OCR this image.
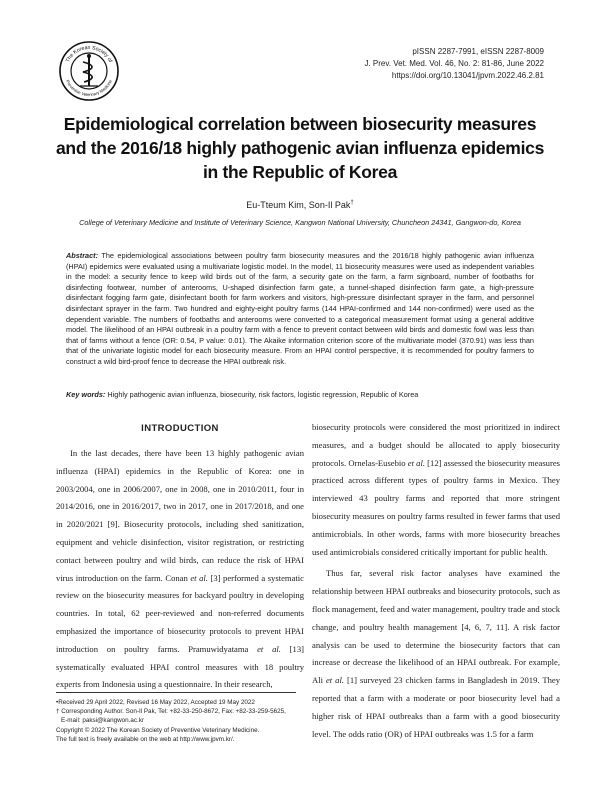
The Korean Society of
Preventive Veterinary Medicine
pISSN 2287-7991, eISSN 2287-8009
J. Prev. Vet. Med. Vol. 46, No. 2: 81-86, June 2022
https://doi.org/10.13041/jpvm.2022.46.2.81
Epidemiological correlation between biosecurity measures
and the 2016/18 highly pathogenic avian influenza epidemics
in the Republic of Korea
Eu-Tteum Kim, Son-Il Pak†
College of Veterinary Medicine and Institute of Veterinary Science, Kangwon National University, Chuncheon 24341, Gangwon-do, Korea

Abstract: The epidemiological associations between poultry farm biosecurity measures and the 2016/18 highly pathogenic avian influenza (HPAI) epidemics were evaluated using a multivariate logistic model. In the model, 11 biosecurity measures were used as independent variables in the model: a security fence to keep wild birds out of the farm, a security gate on the farm, a farm signboard, number of footbaths for disinfecting footwear, number of anterooms, U-shaped disinfection farm gate, a tunnel-shaped disinfection farm gate, a high-pressure disinfectant fogging farm gate, disinfectant booth for farm workers and visitors, high-pressure disinfectant sprayer in the farm, and personnel disinfectant sprayer in the farm. Two hundred and eighty-eight poultry farms (144 HPAI-confirmed and 144 non-confirmed) were used as the dependent variable. The numbers of footbaths and anterooms were converted to a categorical measurement format using a general additive model. The likelihood of an HPAI outbreak in a poultry farm with a fence to prevent contact between wild birds and domestic fowl was less than that of farms without a fence (OR: 0.54, P value: 0.01). The Akaike information criterion score of the multivariate model (370.91) was less than that of the univariate logistic model for each biosecurity measure. From an HPAI control perspective, it is recommended for poultry farmers to construct a wild bird-proof fence to decrease the HPAI outbreak risk.

Key words: Highly pathogenic avian influenza, biosecurity, risk factors, logistic regression, Republic of Korea

INTRODUCTION

In the last decades, there have been 13 highly pathogenic avian influenza (HPAI) epidemics in the Republic of Korea: one in 2003/2004, one in 2006/2007, one in 2008, one in 2010/2011, four in 2014/2016, one in 2016/2017, two in 2017, one in 2017/2018, and one in 2020/2021 [9]. Biosecurity protocols, including shed sanitization, equipment and vehicle disinfection, visitor registration, or restricting contact between poultry and wild birds, can reduce the risk of HPAI virus introduction on the farm. Conan et al. [3] performed a systematic review on the biosecurity measures for backyard poultry in developing countries. In total, 62 peer-reviewed and non-referred documents emphasized the importance of biosecurity protocols to prevent HPAI introduction on poultry farms. Pramuwidyatama et al. [13] systematically evaluated HPAI control measures with 18 poultry experts from Indonesia using a questionnaire. In their research,

biosecurity protocols were considered the most prioritized in indirect measures, and a budget should be allocated to apply biosecurity protocols. Ornelas-Eusebio et al. [12] assessed the biosecurity measures practiced across different types of poultry farms in Mexico. They interviewed 43 poultry farms and reported that more stringent biosecurity measures on poultry farms resulted in fewer farms that used antimicrobials. In other words, farms with more biosecurity breaches used antimicrobials considered critically important for public health.

Thus far, several risk factor analyses have examined the relationship between HPAI outbreaks and biosecurity protocols, such as flock management, feed and water management, poultry trade and stock change, and poultry health management [4, 6, 7, 11]. A risk factor analysis can be used to determine the biosecurity factors that can increase or decrease the likelihood of an HPAI outbreak. For example, Ali et al. [1] surveyed 23 chicken farms in Bangladesh in 2019. They reported that a farm with a moderate or poor biosecurity level had a higher risk of HPAI outbreaks than a farm with a good biosecurity level. The odds ratio (OR) of HPAI outbreaks was 1.5 for a farm

•Received 29 April 2022, Revised 16 May 2022, Accepted 19 May 2022
† Corresponding Author. Son-Il Pak, Tel: +82-33-250-8672, Fax: +82-33-259-5625,
E-mail: paksi@kangwon.ac.kr
Copyright © 2022 The Korean Society of Preventive Veterinary Medicine.
The full text is freely available on the web at http://www.jpvm.kr/.
